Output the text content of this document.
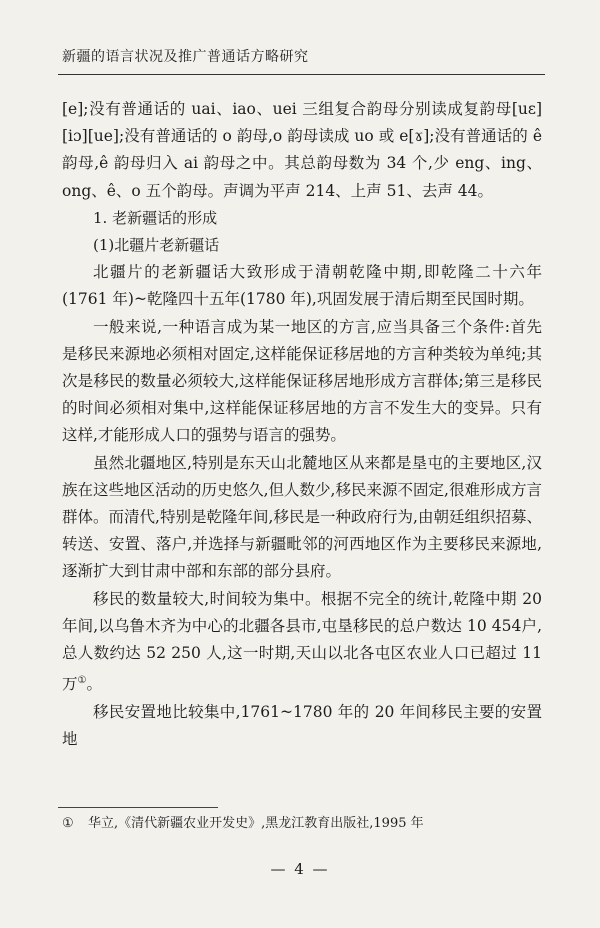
新疆的语言状况及推广普通话方略研究

[e];没有普通话的 uai、iao、uei 三组复合韵母分别读成复韵母[uɛ][iɔ][ue];没有普通话的 o 韵母,o 韵母读成 uo 或 e[ɤ];没有普通话的 ê 韵母,ê 韵母归入 ai 韵母之中。其总韵母数为 34 个,少 eng、ing、ong、ê、o 五个韵母。声调为平声 214、上声 51、去声 44。

1. 老新疆话的形成

(1)北疆片老新疆话

北疆片的老新疆话大致形成于清朝乾隆中期,即乾隆二十六年(1761 年)~乾隆四十五年(1780 年),巩固发展于清后期至民国时期。

一般来说,一种语言成为某一地区的方言,应当具备三个条件:首先是移民来源地必须相对固定,这样能保证移居地的方言种类较为单纯;其次是移民的数量必须较大,这样能保证移居地形成方言群体;第三是移民的时间必须相对集中,这样能保证移居地的方言不发生大的变异。只有这样,才能形成人口的强势与语言的强势。

虽然北疆地区,特别是东天山北麓地区从来都是垦屯的主要地区,汉族在这些地区活动的历史悠久,但人数少,移民来源不固定,很难形成方言群体。而清代,特别是乾隆年间,移民是一种政府行为,由朝廷组织招募、转送、安置、落户,并选择与新疆毗邻的河西地区作为主要移民来源地,逐渐扩大到甘肃中部和东部的部分县府。

移民的数量较大,时间较为集中。根据不完全的统计,乾隆中期 20 年间,以乌鲁木齐为中心的北疆各县市,屯垦移民的总户数达 10 454户,总人数约达 52 250 人,这一时期,天山以北各屯区农业人口已超过 11 万①。

移民安置地比较集中,1761~1780 年的 20 年间移民主要的安置地

① 华立,《清代新疆农业开发史》,黑龙江教育出版社,1995 年
— 4 —
